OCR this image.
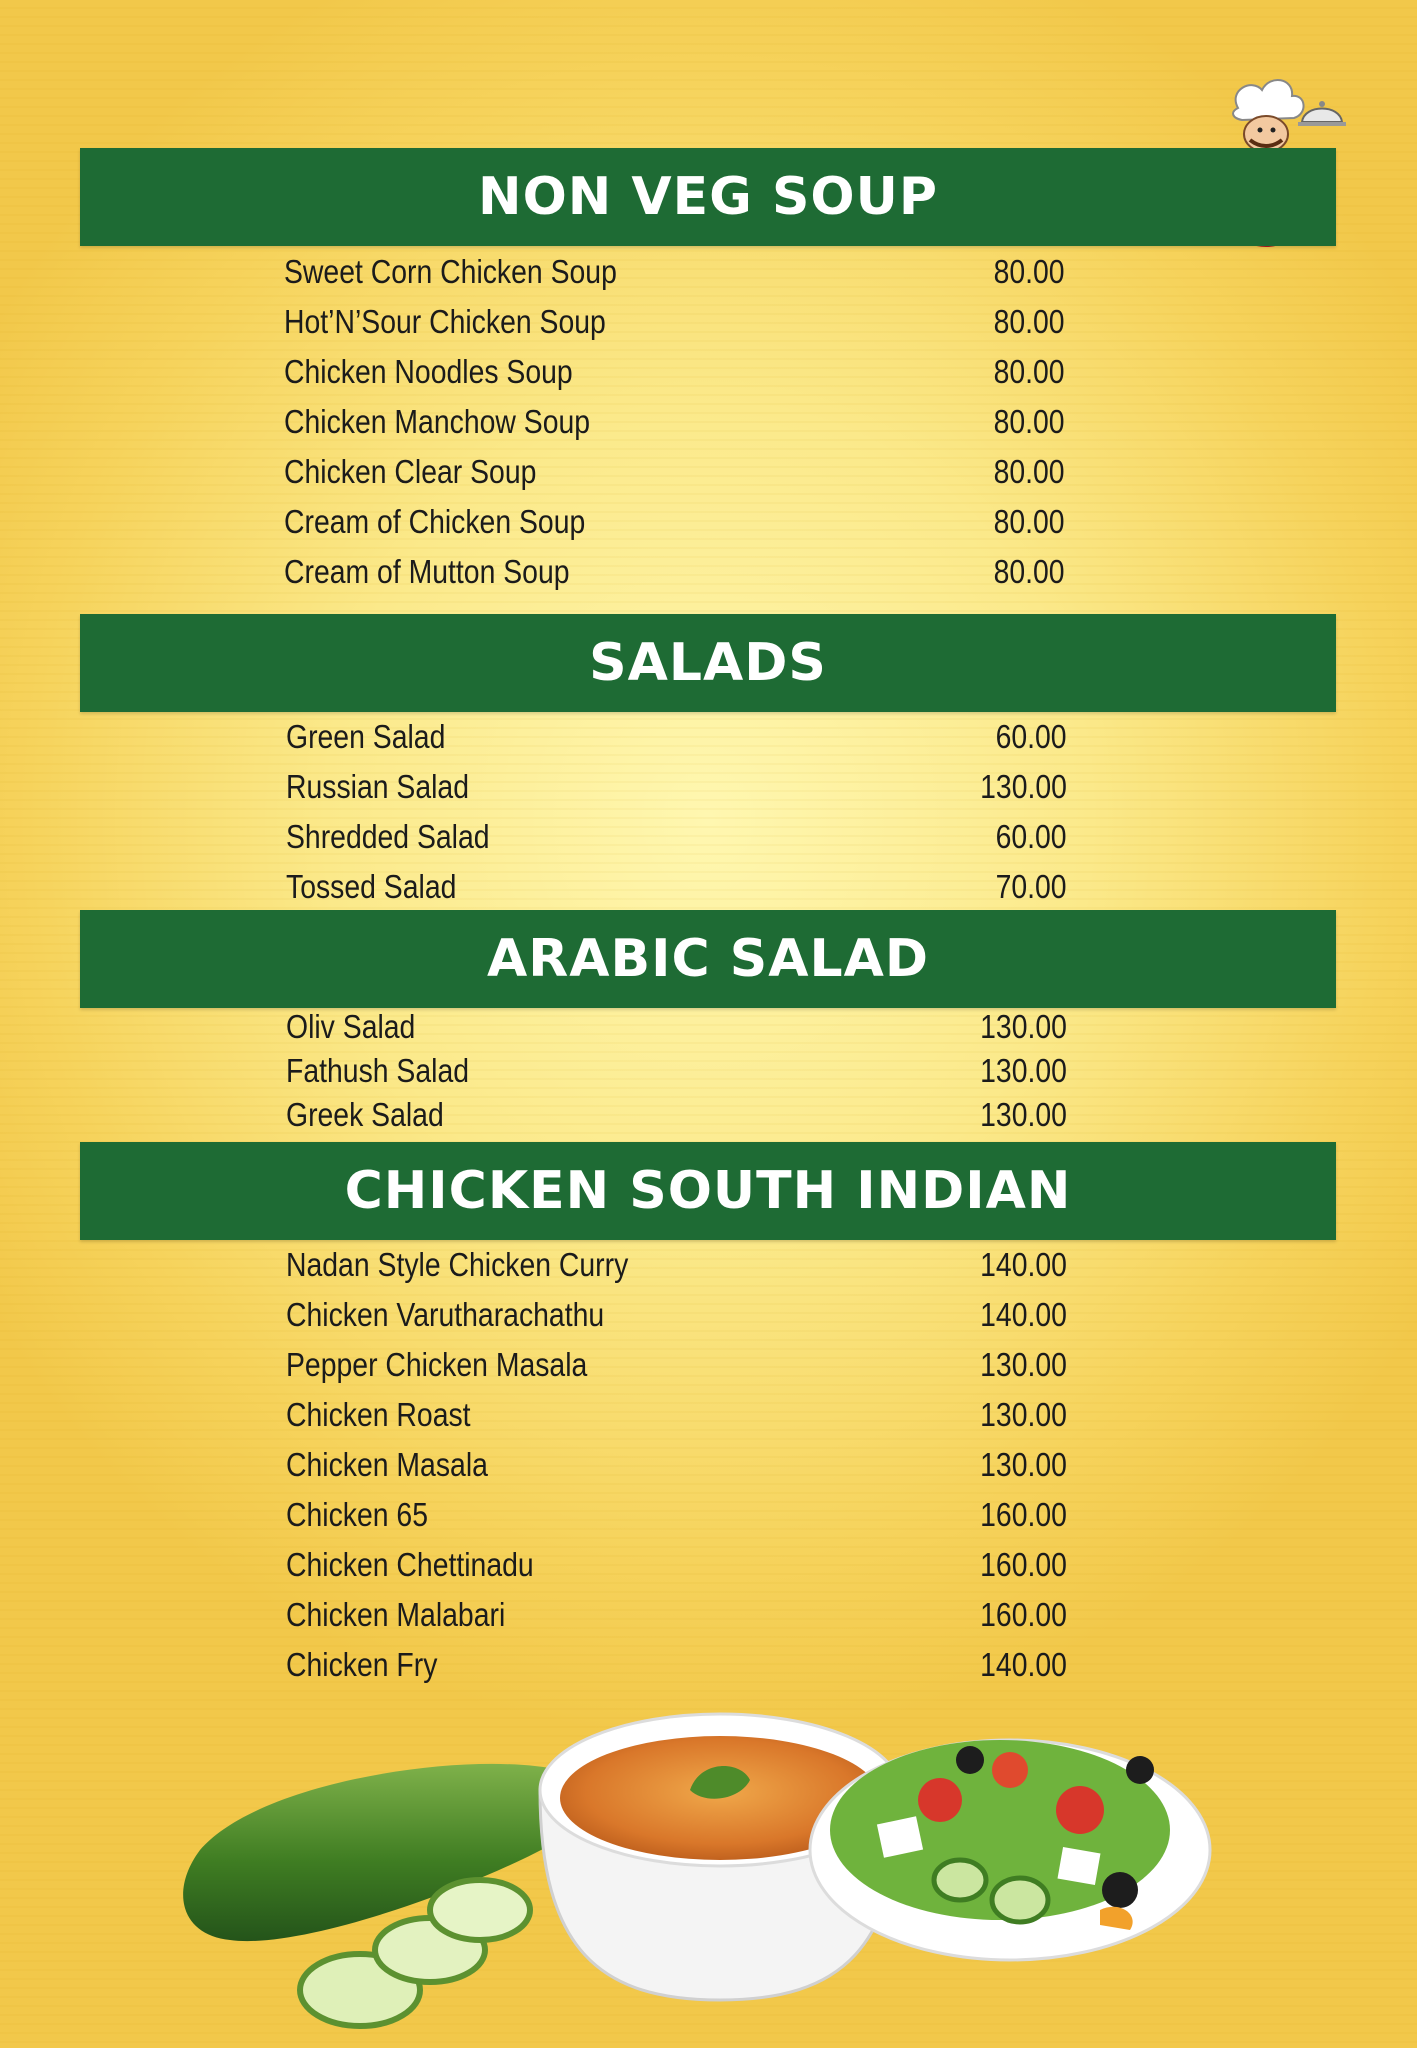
NON VEG SOUP
SALADS
ARABIC SALAD
CHICKEN SOUTH INDIAN
Sweet Corn Chicken Soup	80.00
Hot’N’Sour Chicken Soup	80.00
Chicken Noodles Soup	80.00
Chicken Manchow Soup	80.00
Chicken Clear Soup	80.00
Cream of Chicken Soup	80.00
Cream of Mutton Soup	80.00
Green Salad	60.00
Russian Salad	130.00
Shredded Salad	60.00
Tossed Salad	70.00
Oliv Salad	130.00
Fathush Salad	130.00
Greek Salad	130.00
Nadan Style Chicken Curry	140.00
Chicken Varutharachathu	140.00
Pepper Chicken Masala	130.00
Chicken Roast	130.00
Chicken Masala	130.00
Chicken 65	160.00
Chicken Chettinadu	160.00
Chicken Malabari	160.00
Chicken Fry	140.00
